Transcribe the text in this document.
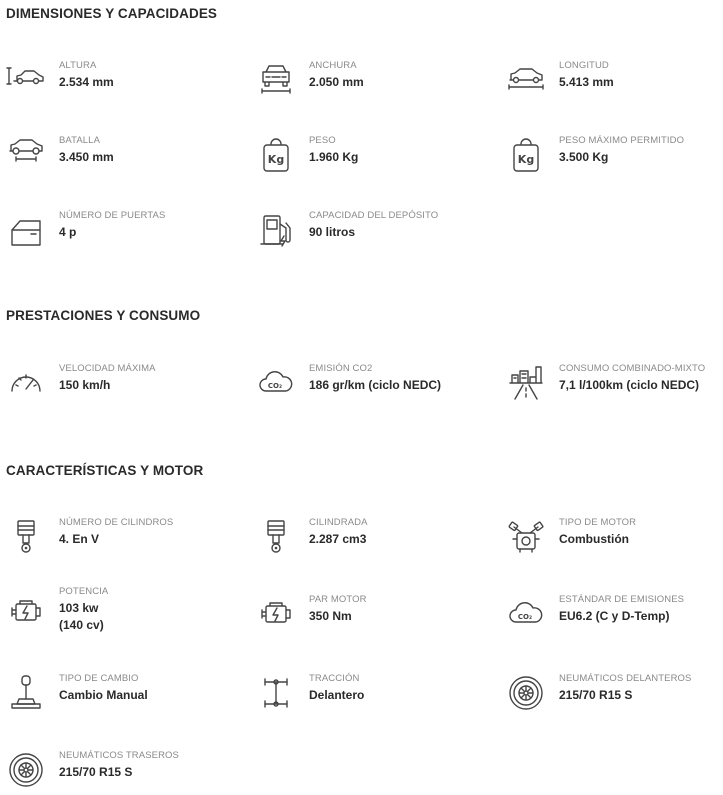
DIMENSIONES Y CAPACIDADES
ALTURA
2.534 mm
ANCHURA
2.050 mm
LONGITUD
5.413 mm
BATALLA
3.450 mm	Kg
PESO
1.960 Kg	Kg
PESO MÁXIMO PERMITIDO
3.500 Kg
NÚMERO DE PUERTAS
4 p
CAPACIDAD DEL DEPÓSITO
90 litros
PRESTACIONES Y CONSUMO
VELOCIDAD MÁXIMA
150 km/h	CO₂
EMISIÓN CO2
186 gr/km (ciclo NEDC)
CONSUMO COMBINADO-MIXTO
7,1 l/100km (ciclo NEDC)
CARACTERÍSTICAS Y MOTOR
NÚMERO DE CILINDROS
4. En V
CILINDRADA
2.287 cm3
TIPO DE MOTOR
Combustión
POTENCIA
103 kw
(140 cv)
PAR MOTOR
350 Nm	CO₂
ESTÁNDAR DE EMISIONES
EU6.2 (C y D-Temp)
TIPO DE CAMBIO
Cambio Manual
TRACCIÓN
Delantero
NEUMÁTICOS DELANTEROS
215/70 R15 S
NEUMÁTICOS TRASEROS
215/70 R15 S
